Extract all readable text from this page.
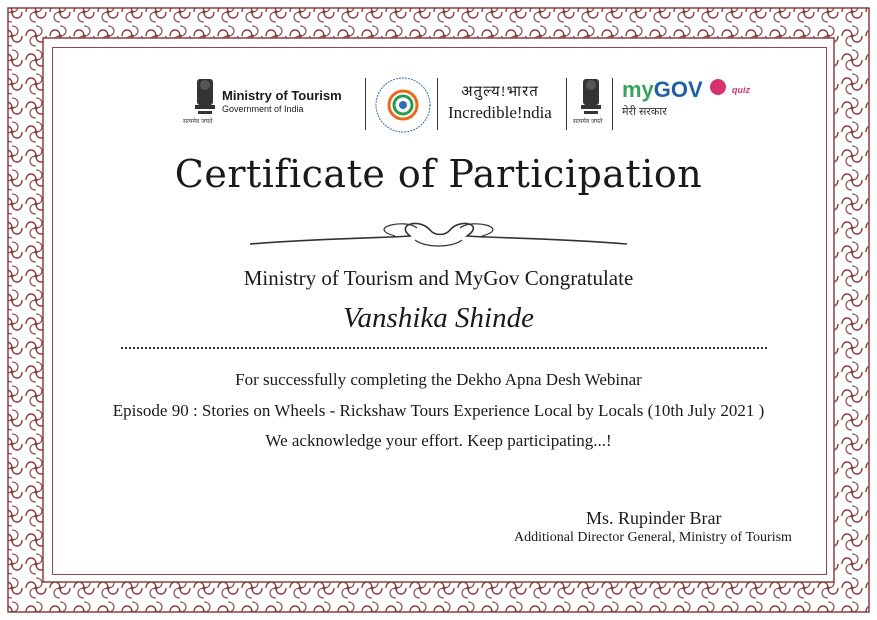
सत्यमेव जयते
Ministry of Tourism
Government of India
अतुल्य!भारत
Incredible!ndia	सत्यमेव जयते
myGOV	$^{quiz}$
मेरी सरकार
Certificate of Participation
Ministry of Tourism and MyGov Congratulate
Vanshika Shinde
For successfully completing the Dekho Apna Desh Webinar
Episode 90 : Stories on Wheels - Rickshaw Tours Experience Local by Locals (10th July 2021 )
We acknowledge your effort. Keep participating...!
Ms. Rupinder Brar
Additional Director General, Ministry of Tourism
